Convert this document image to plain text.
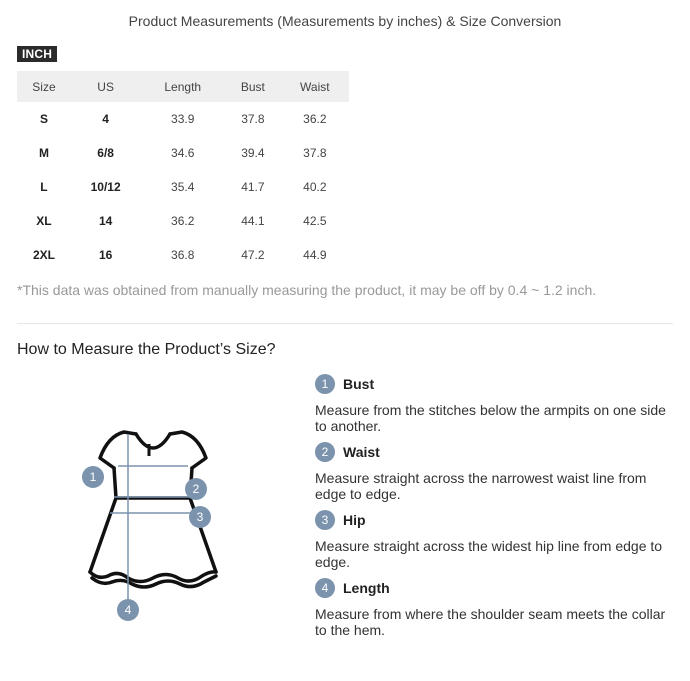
Product Measurements (Measurements by inches) & Size Conversion
INCH
Size	US	Length	Bust	Waist
S	4	33.9	37.8	36.2
M	6/8	34.6	39.4	37.8
L	10/12	35.4	41.7	40.2
XL	14	36.2	44.1	42.5
2XL	16	36.8	47.2	44.9
*This data was obtained from manually measuring the product, it may be off by 0.4 ~ 1.2 inch.
How to Measure the Product’s Size?
1
2
3
4
1	Bust
Measure from the stitches below the armpits on one side to another.
2	Waist
Measure straight across the narrowest waist line from edge to edge.
3	Hip
Measure straight across the widest hip line from edge to edge.
4	Length
Measure from where the shoulder seam meets the collar to the hem.
